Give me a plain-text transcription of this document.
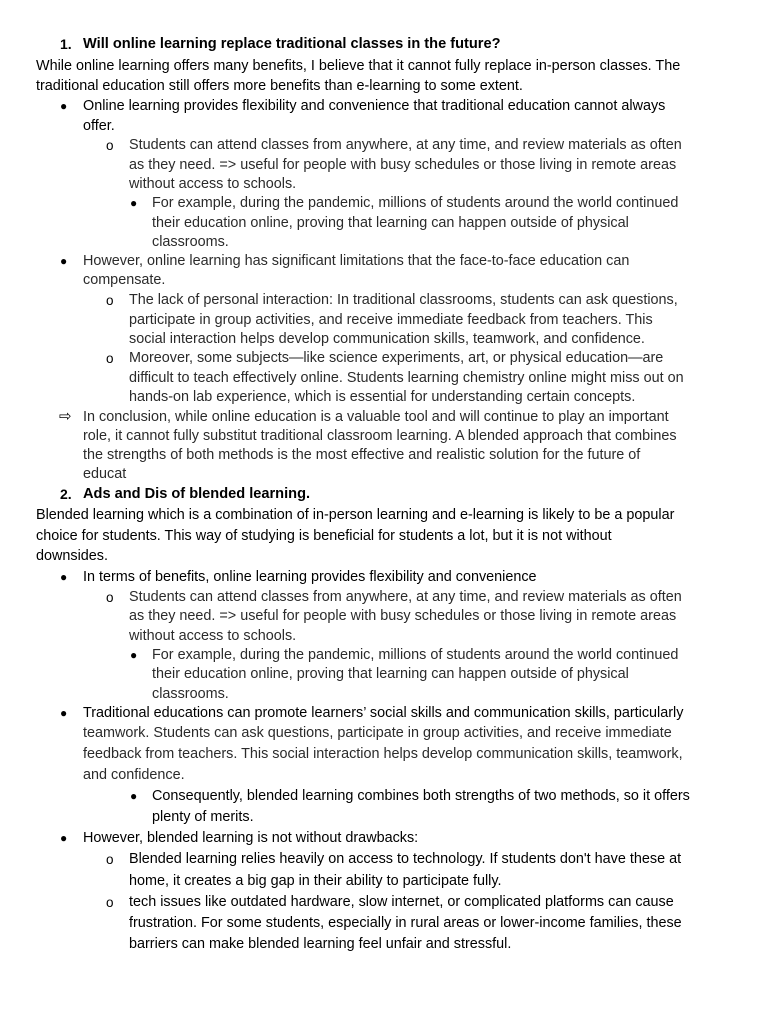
1. Will online learning replace traditional classes in the future?
While online learning offers many benefits, I believe that it cannot fully replace in-person classes. The
traditional education still offers more benefits than e-learning to some extent.
● Online learning provides flexibility and convenience that traditional education cannot always
offer.
o Students can attend classes from anywhere, at any time, and review materials as often
as they need. => useful for people with busy schedules or those living in remote areas
without access to schools.
● For example, during the pandemic, millions of students around the world continued
their education online, proving that learning can happen outside of physical
classrooms.
● However, online learning has significant limitations that the face-to-face education can
compensate.
o The lack of personal interaction: In traditional classrooms, students can ask questions,
participate in group activities, and receive immediate feedback from teachers. This
social interaction helps develop communication skills, teamwork, and confidence.
o Moreover, some subjects—like science experiments, art, or physical education—are
difficult to teach effectively online. Students learning chemistry online might miss out on
hands-on lab experience, which is essential for understanding certain concepts.
⇨ In conclusion, while online education is a valuable tool and will continue to play an important
role, it cannot fully substitut traditional classroom learning. A blended approach that combines
the strengths of both methods is the most effective and realistic solution for the future of
educat
2. Ads and Dis of blended learning.
Blended learning which is a combination of in-person learning and e-learning is likely to be a popular
choice for students. This way of studying is beneficial for students a lot, but it is not without
downsides.
● In terms of benefits, online learning provides flexibility and convenience
o Students can attend classes from anywhere, at any time, and review materials as often
as they need. => useful for people with busy schedules or those living in remote areas
without access to schools.
● For example, during the pandemic, millions of students around the world continued
their education online, proving that learning can happen outside of physical
classrooms.
● Traditional educations can promote learners’ social skills and communication skills, particularly
teamwork. Students can ask questions, participate in group activities, and receive immediate
feedback from teachers. This social interaction helps develop communication skills, teamwork,
and confidence.
● Consequently, blended learning combines both strengths of two methods, so it offers
plenty of merits.
● However, blended learning is not without drawbacks:
o Blended learning relies heavily on access to technology. If students don't have these at
home, it creates a big gap in their ability to participate fully.
o tech issues like outdated hardware, slow internet, or complicated platforms can cause
frustration. For some students, especially in rural areas or lower-income families, these
barriers can make blended learning feel unfair and stressful.
